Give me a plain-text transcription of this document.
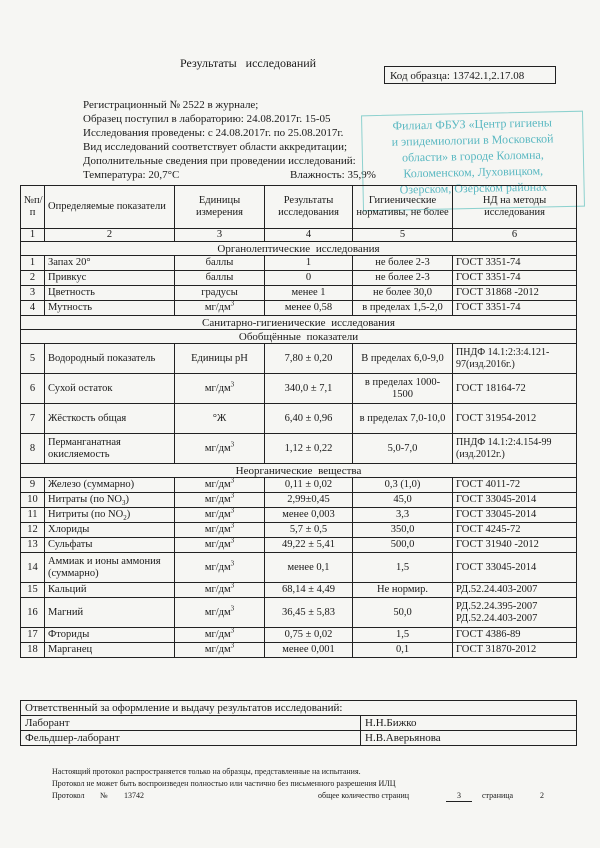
Результаты исследований
Код образца: 13742.1,2.17.08
Регистрационный № 2522 в журнале;
Образец поступил в лабораторию: 24.08.2017г. 15-05
Исследования проведены: с 24.08.2017г. по 25.08.2017г.
Вид исследований соответствует области аккредитации;
Дополнительные сведения при проведении исследований:
Температура: 20,7°С	Влажность: 35,9%
Филиал ФБУЗ «Центр гигиены
и эпидемиологии в Московской
области» в городе Коломна,
Коломенском, Луховицком,
Озерском, Озерском районах
№п/п	Определяемые показатели	Единицы измерения	Результаты исследования	Гигиенические нормативы, не более	НД на методы исследования
1	2	3	4	5	6
Органолептические исследования					
1	Запах 20°	баллы	1	не более 2-3	ГОСТ 3351-74
2	Привкус	баллы	0	не более 2-3	ГОСТ 3351-74
3	Цветность	градусы	менее 1	не более 30,0	ГОСТ 31868 -2012
4	Мутность	$мг/дм^3$	менее 0,58	в пределах 1,5-2,0	ГОСТ 3351-74
Санитарно-гигиенические исследования					
Обобщённые показатели					
5	Водородный показатель	Единицы pH	7,80 ± 0,20	В пределах 6,0-9,0	ПНДФ 14.1:2:3:4.121-97(изд.2016г.)
6	Сухой остаток	$мг/дм^3$	340,0 ± 7,1	в пределах 1000-1500	ГОСТ 18164-72
7	Жёсткость общая	°Ж	6,40 ± 0,96	в пределах 7,0-10,0	ГОСТ 31954-2012
8	Перманганатная окисляемость	$мг/дм^3$	1,12 ± 0,22	5,0-7,0	ПНДФ 14.1:2:4.154-99 (изд.2012г.)
Неорганические вещества					
9	Железо (суммарно)	$мг/дм^3$	0,11 ± 0,02	0,3 (1,0)	ГОСТ 4011-72
10	Нитраты (по $NO_3$)	$мг/дм^3$	2,99±0,45	45,0	ГОСТ 33045-2014
11	Нитриты (по $NO_2$)	$мг/дм^3$	менее 0,003	3,3	ГОСТ 33045-2014
12	Хлориды	$мг/дм^3$	5,7 ± 0,5	350,0	ГОСТ 4245-72
13	Сульфаты	$мг/дм^3$	49,22 ± 5,41	500,0	ГОСТ 31940 -2012
14	Аммиак и ионы аммония (суммарно)	$мг/дм^3$	менее 0,1	1,5	ГОСТ 33045-2014
15	Кальций	$мг/дм^3$	68,14 ± 4,49	Не нормир.	РД.52.24.403-2007
16	Магний	$мг/дм^3$	36,45 ± 5,83	50,0	РД.52.24.395-2007 РД.52.24.403-2007
17	Фториды	$мг/дм^3$	0,75 ± 0,02	1,5	ГОСТ 4386-89
18	Марганец	$мг/дм^3$	менее 0,001	0,1	ГОСТ 31870-2012
Ответственный за оформление и выдачу результатов исследований:	
Лаборант	Н.Н.Бижко
Фельдшер-лаборант	Н.В.Аверьянова
Настоящий протокол распространяется только на образцы, представленные на испытания.
Протокол не может быть воспроизведен полностью или частично без письменного разрешения ИЛЦ
Протокол № 13742	общее количество страниц	3	страница	2
